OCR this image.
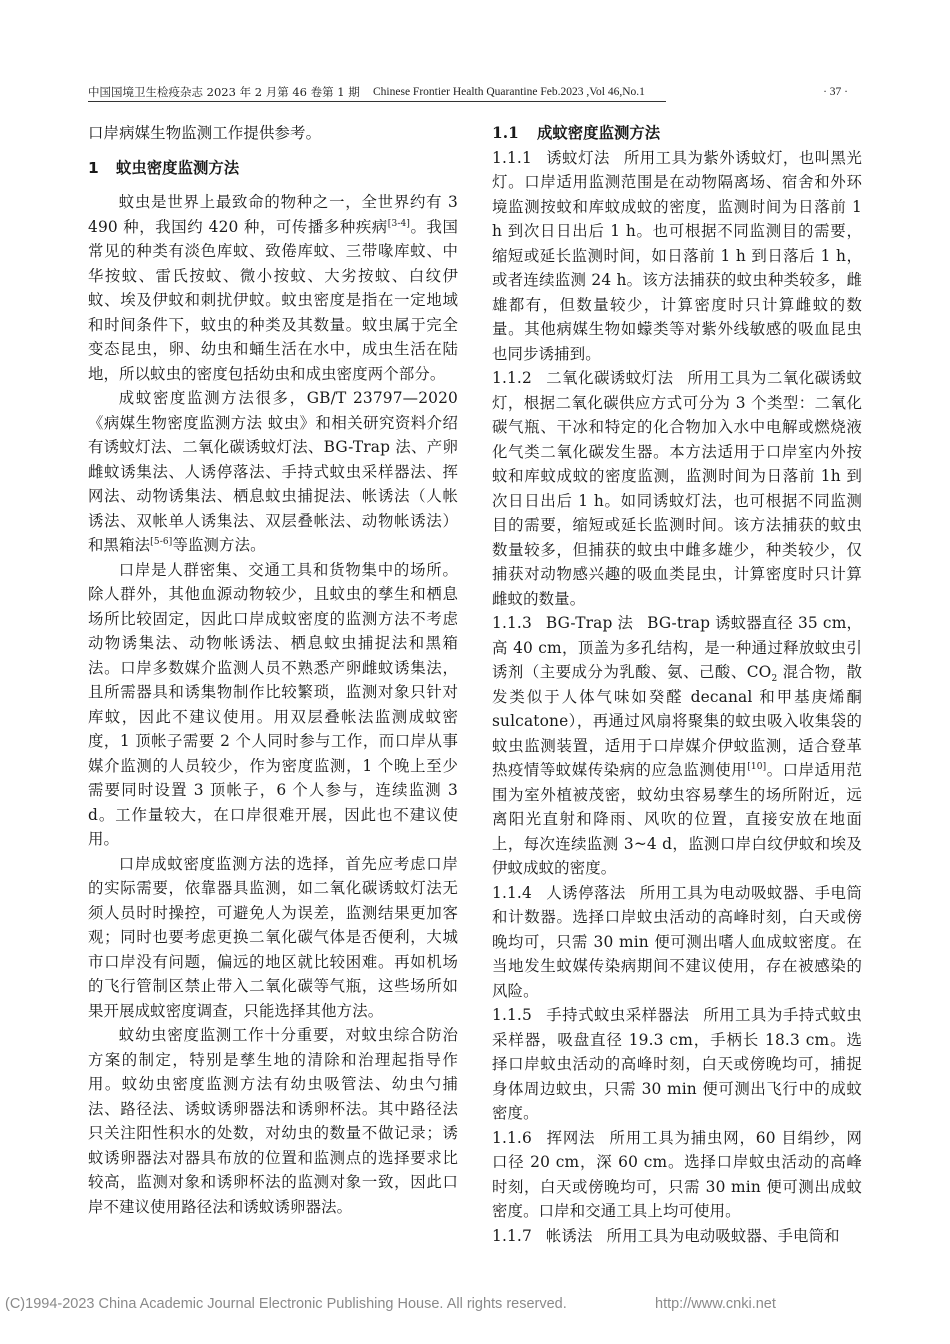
中国国境卫生检疫杂志 2023 年 2 月第 46 卷第 1 期 Chinese Frontier Health Quarantine Feb.2023 ,Vol 46,No.1	· 37 ·

口岸病媒生物监测工作提供参考。

1 蚊虫密度监测方法

蚊虫是世界上最致命的物种之一，全世界约有 3 490 种，我国约 420 种，可传播多种疾病[3-4]。我国常见的种类有淡色库蚊、致倦库蚊、三带喙库蚊、中华按蚊、雷氏按蚊、微小按蚊、大劣按蚊、白纹伊蚊、埃及伊蚊和刺扰伊蚊。蚊虫密度是指在一定地域和时间条件下，蚊虫的种类及其数量。蚊虫属于完全变态昆虫，卵、幼虫和蛹生活在水中，成虫生活在陆地，所以蚊虫的密度包括幼虫和成虫密度两个部分。

成蚊密度监测方法很多，GB/T 23797—2020《病媒生物密度监测方法 蚊虫》和相关研究资料介绍有诱蚊灯法、二氧化碳诱蚊灯法、BG-Trap 法、产卵雌蚊诱集法、人诱停落法、手持式蚊虫采样器法、挥网法、动物诱集法、栖息蚊虫捕捉法、帐诱法（人帐诱法、双帐单人诱集法、双层叠帐法、动物帐诱法）和黑箱法[5-6]等监测方法。

口岸是人群密集、交通工具和货物集中的场所。除人群外，其他血源动物较少，且蚊虫的孳生和栖息场所比较固定，因此口岸成蚊密度的监测方法不考虑动物诱集法、动物帐诱法、栖息蚊虫捕捉法和黑箱法。口岸多数媒介监测人员不熟悉产卵雌蚊诱集法，且所需器具和诱集物制作比较繁琐，监测对象只针对库蚊，因此不建议使用。用双层叠帐法监测成蚊密度，1 顶帐子需要 2 个人同时参与工作，而口岸从事媒介监测的人员较少，作为密度监测，1 个晚上至少需要同时设置 3 顶帐子，6 个人参与，连续监测 3 d。工作量较大，在口岸很难开展，因此也不建议使用。

口岸成蚊密度监测方法的选择，首先应考虑口岸的实际需要，依靠器具监测，如二氧化碳诱蚊灯法无须人员时时操控，可避免人为误差，监测结果更加客观；同时也要考虑更换二氧化碳气体是否便利，大城市口岸没有问题，偏远的地区就比较困难。再如机场的飞行管制区禁止带入二氧化碳等气瓶，这些场所如果开展成蚊密度调查，只能选择其他方法。

蚊幼虫密度监测工作十分重要，对蚊虫综合防治方案的制定，特别是孳生地的清除和治理起指导作用。蚊幼虫密度监测方法有幼虫吸管法、幼虫勺捕法、路径法、诱蚊诱卵器法和诱卵杯法。其中路径法只关注阳性积水的处数，对幼虫的数量不做记录；诱蚊诱卵器法对器具布放的位置和监测点的选择要求比较高，监测对象和诱卵杯法的监测对象一致，因此口岸不建议使用路径法和诱蚊诱卵器法。

1.1 成蚊密度监测方法

1.1.1 诱蚊灯法 所用工具为紫外诱蚊灯，也叫黑光灯。口岸适用监测范围是在动物隔离场、宿舍和外环境监测按蚊和库蚊成蚊的密度，监测时间为日落前 1 h 到次日日出后 1 h。也可根据不同监测目的需要，缩短或延长监测时间，如日落前 1 h 到日落后 1 h，或者连续监测 24 h。该方法捕获的蚊虫种类较多，雌雄都有，但数量较少，计算密度时只计算雌蚊的数量。其他病媒生物如蠓类等对紫外线敏感的吸血昆虫也同步诱捕到。

1.1.2 二氧化碳诱蚊灯法 所用工具为二氧化碳诱蚊灯，根据二氧化碳供应方式可分为 3 个类型：二氧化碳气瓶、干冰和特定的化合物加入水中电解或燃烧液化气类二氧化碳发生器。本方法适用于口岸室内外按蚊和库蚊成蚊的密度监测，监测时间为日落前 1h 到次日日出后 1 h。如同诱蚊灯法，也可根据不同监测目的需要，缩短或延长监测时间。该方法捕获的蚊虫数量较多，但捕获的蚊虫中雌多雄少，种类较少，仅捕获对动物感兴趣的吸血类昆虫，计算密度时只计算雌蚊的数量。

1.1.3 BG-Trap 法 BG-trap 诱蚊器直径 35 cm，高 40 cm，顶盖为多孔结构，是一种通过释放蚊虫引诱剂（主要成分为乳酸、氨、己酸、$CO_2$ 混合物，散发类似于人体气味如癸醛 decanal 和甲基庚烯酮 sulcatone），再通过风扇将聚集的蚊虫吸入收集袋的蚊虫监测装置，适用于口岸媒介伊蚊监测，适合登革热疫情等蚊媒传染病的应急监测使用[10]。口岸适用范围为室外植被茂密，蚊幼虫容易孳生的场所附近，远离阳光直射和降雨、风吹的位置，直接安放在地面上，每次连续监测 3~4 d，监测口岸白纹伊蚊和埃及伊蚊成蚊的密度。

1.1.4 人诱停落法 所用工具为电动吸蚊器、手电筒和计数器。选择口岸蚊虫活动的高峰时刻，白天或傍晚均可，只需 30 min 便可测出嗜人血成蚊密度。在当地发生蚊媒传染病期间不建议使用，存在被感染的风险。

1.1.5 手持式蚊虫采样器法 所用工具为手持式蚊虫采样器，吸盘直径 19.3 cm，手柄长 18.3 cm。选择口岸蚊虫活动的高峰时刻，白天或傍晚均可，捕捉身体周边蚊虫，只需 30 min 便可测出飞行中的成蚊密度。

1.1.6 挥网法 所用工具为捕虫网，60 目绢纱，网口径 20 cm，深 60 cm。选择口岸蚊虫活动的高峰时刻，白天或傍晚均可，只需 30 min 便可测出成蚊密度。口岸和交通工具上均可使用。

1.1.7 帐诱法 所用工具为电动吸蚊器、手电筒和

(C)1994-2023 China Academic Journal Electronic Publishing House. All rights reserved.	http://www.cnki.net
